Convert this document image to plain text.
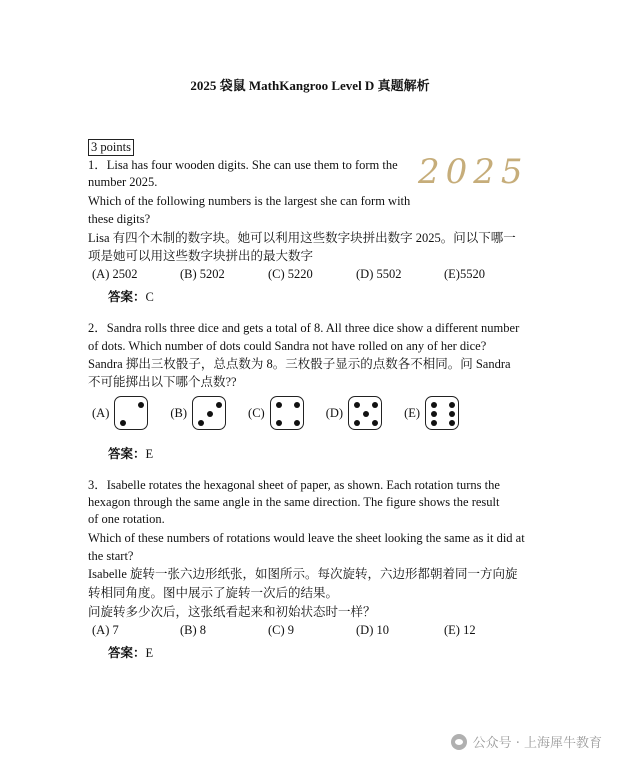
2025 袋鼠 MathKangroo Level D 真题解析
3 points
2025
1．Lisa has four wooden digits. She can use them to form the
number 2025.
Which of the following numbers is the largest she can form with
these digits?
Lisa 有四个木制的数字块。她可以利用这些数字块拼出数字 2025。问以下哪一
项是她可以用这些数字块拼出的最大数字
(A) 2502	(B) 5202	(C) 5220	(D) 5502	(E)5520
答案：C
2．Sandra rolls three dice and gets a total of 8. All three dice show a different number
of dots. Which number of dots could Sandra not have rolled on any of her dice?
Sandra 掷出三枚骰子，总点数为 8。三枚骰子显示的点数各不相同。问 Sandra
不可能掷出以下哪个点数??
(A)	(B)	(C)	(D)	(E)
答案：E
3．Isabelle rotates the hexagonal sheet of paper, as shown. Each rotation turns the
hexagon through the same angle in the same direction. The figure shows the result
of one rotation.
Which of these numbers of rotations would leave the sheet looking the same as it did at
the start?
Isabelle 旋转一张六边形纸张，如图所示。每次旋转，六边形都朝着同一方向旋
转相同角度。图中展示了旋转一次后的结果。
问旋转多少次后，这张纸看起来和初始状态时一样？
(A) 7	(B) 8	(C) 9	(D) 10	(E) 12
答案：E
公众号 · 上海犀牛教育
